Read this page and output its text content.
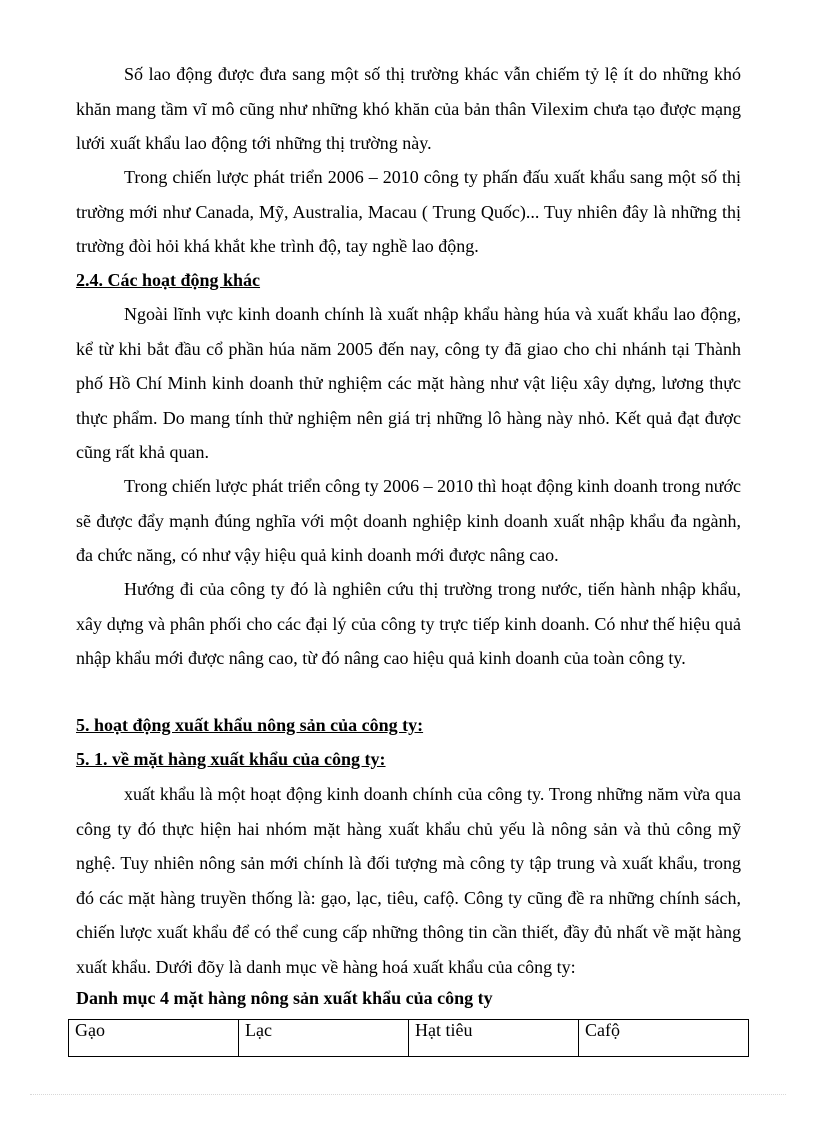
Số lao động được đưa sang một số thị trường khác vẫn chiếm tỷ lệ ít do những khó khăn mang tầm vĩ mô cũng như những khó khăn của bản thân Vilexim chưa tạo được mạng lưới xuất khẩu lao động tới những thị trường này.

Trong chiến lược phát triển 2006 – 2010 công ty phấn đấu xuất khẩu sang một số thị trường mới như Canada, Mỹ, Australia, Macau ( Trung Quốc)... Tuy nhiên đây là những thị trường đòi hỏi khá khắt khe trình độ, tay nghề lao động.

2.4. Các hoạt động khác

Ngoài lĩnh vực kinh doanh chính là xuất nhập khẩu hàng húa và xuất khẩu lao động, kể từ khi bắt đầu cổ phần húa năm 2005 đến nay, công ty đã giao cho chi nhánh tại Thành phố Hồ Chí Minh kinh doanh thử nghiệm các mặt hàng như vật liệu xây dựng, lương thực thực phẩm. Do mang tính thử nghiệm nên giá trị những lô hàng này nhỏ. Kết quả đạt được cũng rất khả quan.

Trong chiến lược phát triển công ty 2006 – 2010 thì hoạt động kinh doanh trong nước sẽ được đẩy mạnh đúng nghĩa với một doanh nghiệp kinh doanh xuất nhập khẩu đa ngành, đa chức năng, có như vậy hiệu quả kinh doanh mới được nâng cao.

Hướng đi của công ty đó là nghiên cứu thị trường trong nước, tiến hành nhập khẩu, xây dựng và phân phối cho các đại lý của công ty trực tiếp kinh doanh. Có như thế hiệu quả nhập khẩu mới được nâng cao, từ đó nâng cao hiệu quả kinh doanh của toàn công ty.

5. hoạt động xuất khẩu nông sản của công ty:

5. 1. về mặt hàng xuất khẩu của công ty:

xuất khẩu là một hoạt động kinh doanh chính của công ty. Trong những năm vừa qua công ty đó thực hiện hai nhóm mặt hàng xuất khẩu chủ yếu là nông sản và thủ công mỹ nghệ. Tuy nhiên nông sản mới chính là đối tượng mà công ty tập trung và xuất khẩu, trong đó các mặt hàng truyền thống là: gạo, lạc, tiêu, cafộ. Công ty cũng đề ra những chính sách, chiến lược xuất khẩu để có thể cung cấp những thông tin cần thiết, đầy đủ nhất về mặt hàng xuất khẩu. Dưới đõy là danh mục về hàng hoá xuất khẩu của công ty:

Danh mục 4 mặt hàng nông sản xuất khẩu của công ty

Gạo	Lạc	Hạt tiêu	Cafộ
